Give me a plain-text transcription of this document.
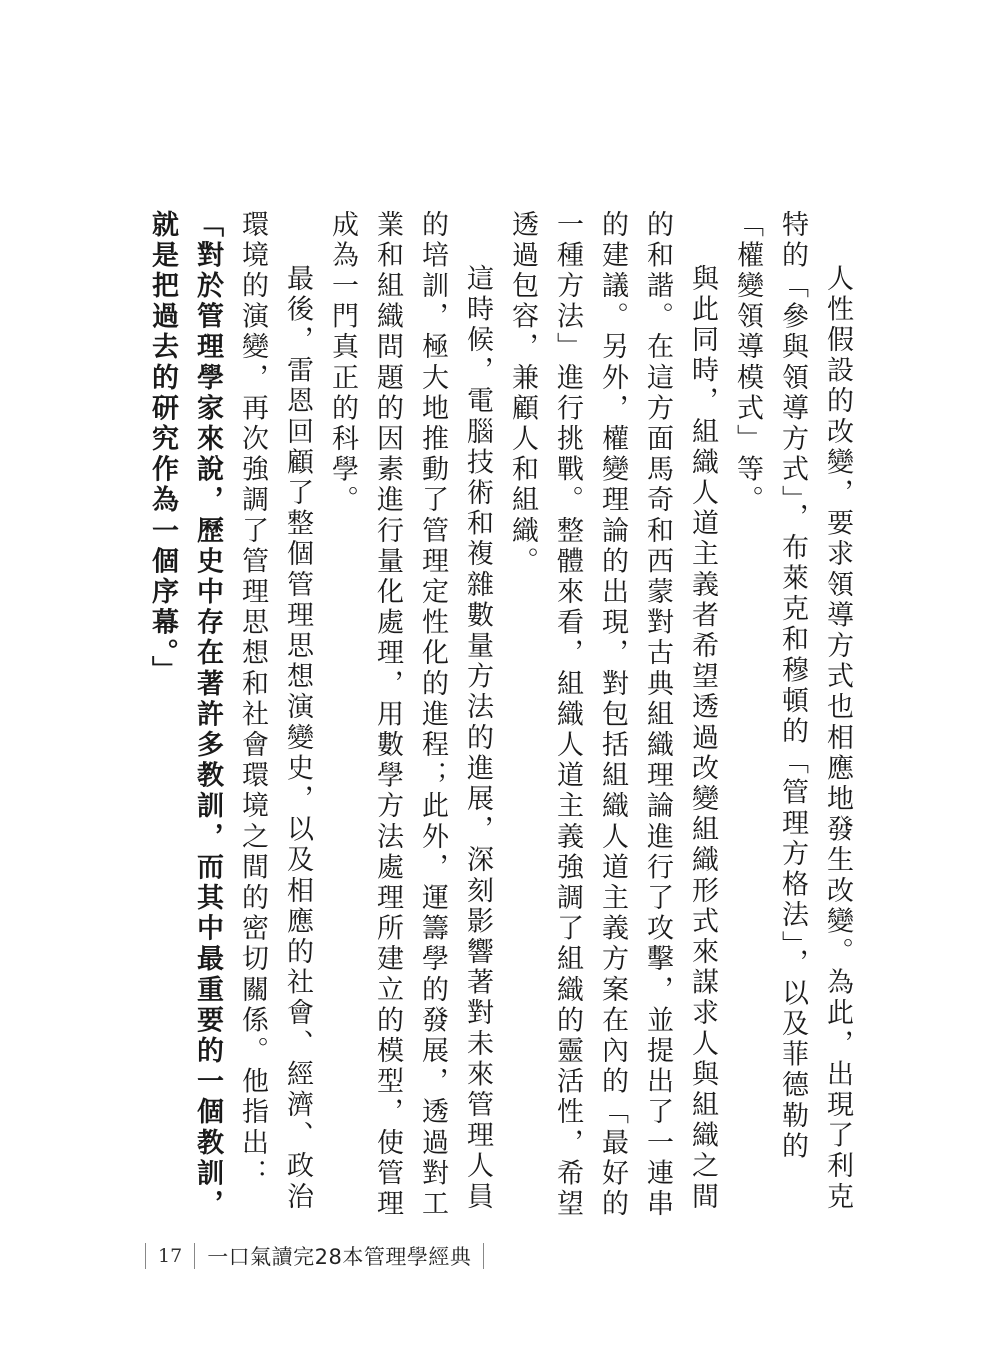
人性假設的改變，要求領導方式也相應地發生改變。為此，出現了利克特的「參與領導方式」，布萊克和穆頓的「管理方格法」，以及菲德勒的「權變領導模式」等。

與此同時，組織人道主義者希望透過改變組織形式來謀求人與組織之間的和諧。在這方面馬奇和西蒙對古典組織理論進行了攻擊，並提出了一連串的建議。另外，權變理論的出現，對包括組織人道主義方案在內的「最好的一種方法」進行挑戰。整體來看，組織人道主義強調了組織的靈活性，希望透過包容，兼顧人和組織。

這時候，電腦技術和複雜數量方法的進展，深刻影響著對未來管理人員的培訓，極大地推動了管理定性化的進程；此外，運籌學的發展，透過對工業和組織問題的因素進行量化處理，用數學方法處理所建立的模型，使管理成為一門真正的科學。

最後，雷恩回顧了整個管理思想演變史，以及相應的社會、經濟、政治環境的演變，再次強調了管理思想和社會環境之間的密切關係。他指出：「對於管理學家來說，歷史中存在著許多教訓，而其中最重要的一個教訓，就是把過去的研究作為一個序幕。」

17	一口氣讀完28本管理學經典
